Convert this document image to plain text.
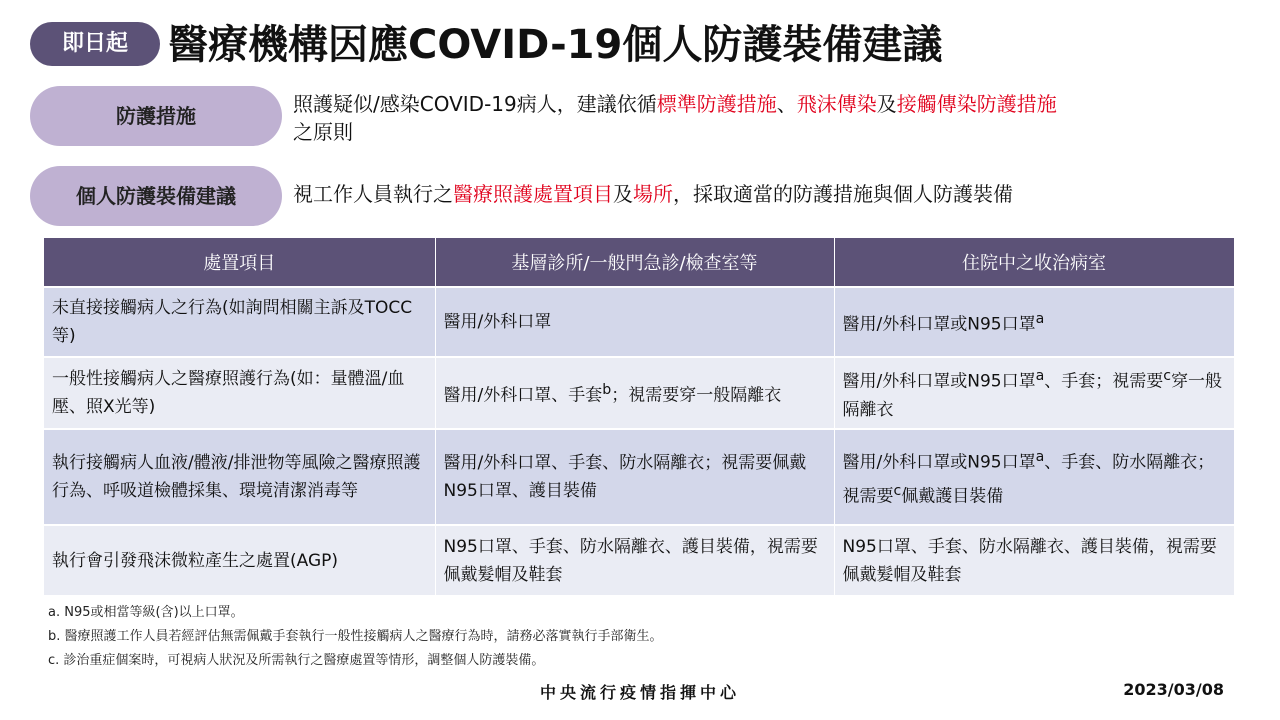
即日起	醫療機構因應COVID-19個人防護裝備建議
防護措施	照護疑似/感染COVID-19病人，建議依循標準防護措施、飛沫傳染及接觸傳染防護措施
之原則
個人防護裝備建議	視工作人員執行之醫療照護處置項目及場所，採取適當的防護措施與個人防護裝備
處置項目	基層診所/一般門急診/檢查室等	住院中之收治病室
未直接接觸病人之行為(如詢問相關主訴及TOCC等)	醫用/外科口罩	醫用/外科口罩或N95口罩$^a$
一般性接觸病人之醫療照護行為(如：量體溫/血壓、照X光等)	醫用/外科口罩、手套$^b$；視需要穿一般隔離衣	醫用/外科口罩或N95口罩$^a$、手套；視需要$^c$穿一般隔離衣
執行接觸病人血液/體液/排泄物等風險之醫療照護行為、呼吸道檢體採集、環境清潔消毒等	醫用/外科口罩、手套、防水隔離衣；視需要佩戴N95口罩、護目裝備	醫用/外科口罩或N95口罩$^a$、手套、防水隔離衣；視需要$^c$佩戴護目裝備
執行會引發飛沫微粒產生之處置(AGP)	N95口罩、手套、防水隔離衣、護目裝備，視需要佩戴髮帽及鞋套	N95口罩、手套、防水隔離衣、護目裝備，視需要佩戴髮帽及鞋套
a. N95或相當等級(含)以上口罩。
b. 醫療照護工作人員若經評估無需佩戴手套執行一般性接觸病人之醫療行為時，請務必落實執行手部衛生。
c. 診治重症個案時，可視病人狀況及所需執行之醫療處置等情形，調整個人防護裝備。
中央流行疫情指揮中心	2023/03/08
